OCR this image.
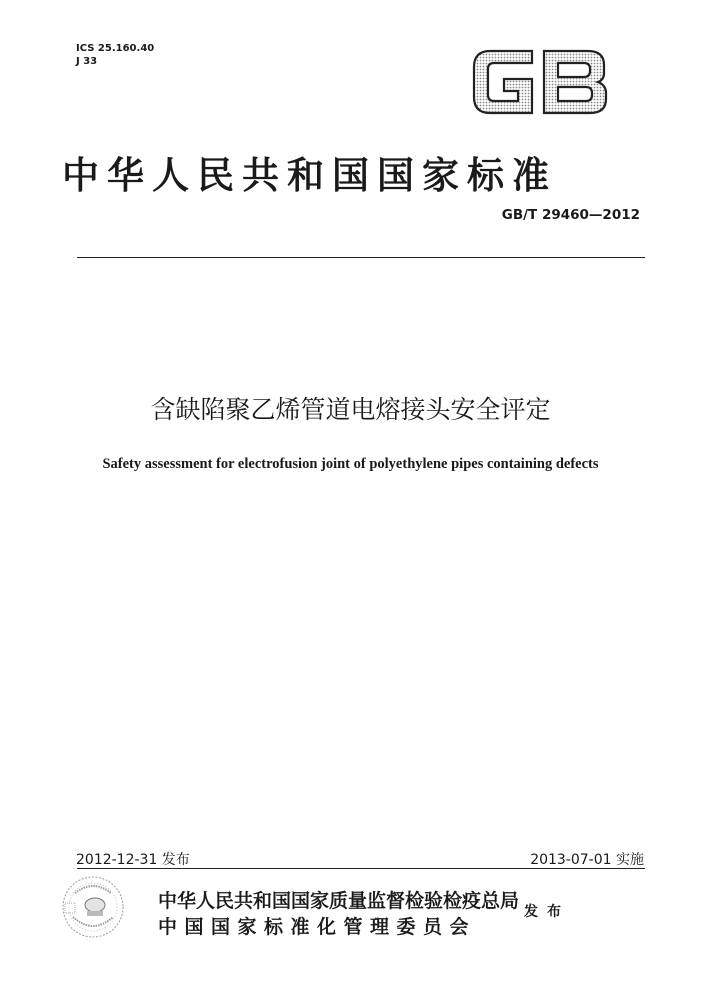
ICS 25.160.40
J 33
中华人民共和国国家标准
GB/T 29460—2012
含缺陷聚乙烯管道电熔接头安全评定
Safety assessment for electrofusion joint of polyethylene pipes containing defects
2012-12-31 发布	2013-07-01 实施
中华人民共和国国家质量监督检验检疫总局
中国国家标准化管理委员会
发布
